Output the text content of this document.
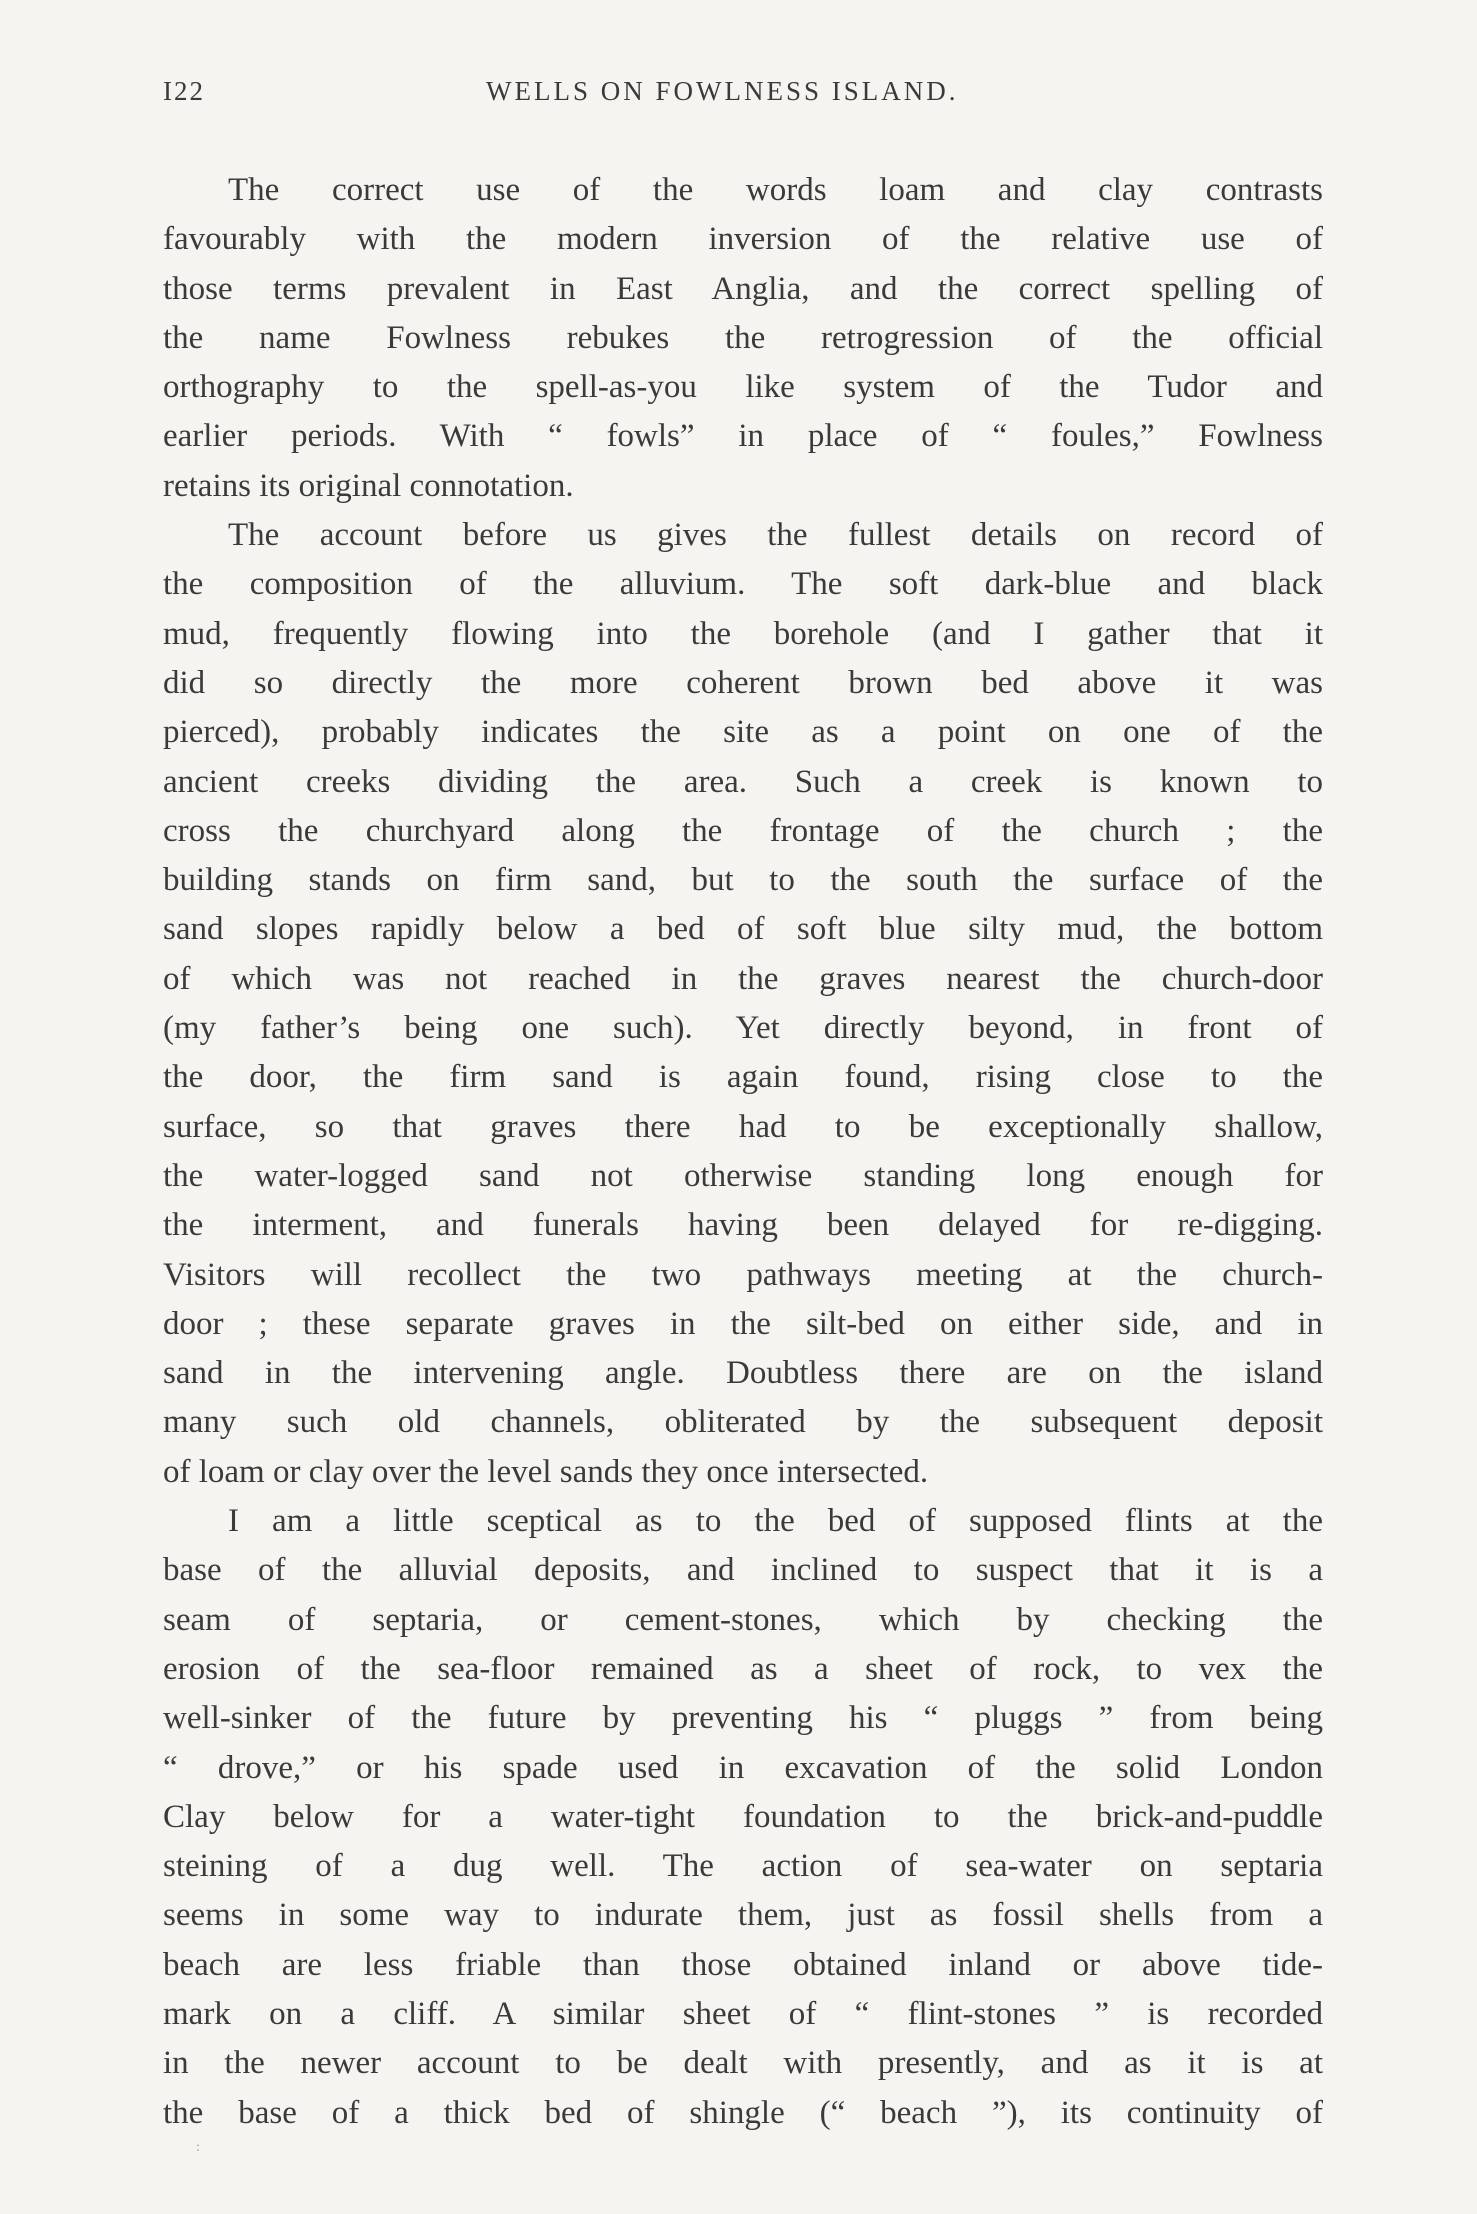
I22	WELLS ON FOWLNESS ISLAND.
The correct use of the words loam and clay contrasts
favourably with the modern inversion of the relative use of
those terms prevalent in East Anglia, and the correct spelling of
the name Fowlness rebukes the retrogression of the official
orthography to the spell-as-you like system of the Tudor and
earlier periods. With “ fowls” in place of “ foules,” Fowlness
retains its original connotation.
The account before us gives the fullest details on record of
the composition of the alluvium. The soft dark-blue and black
mud, frequently flowing into the borehole (and I gather that it
did so directly the more coherent brown bed above it was
pierced), probably indicates the site as a point on one of the
ancient creeks dividing the area. Such a creek is known to
cross the churchyard along the frontage of the church ; the
building stands on firm sand, but to the south the surface of the
sand slopes rapidly below a bed of soft blue silty mud, the bottom
of which was not reached in the graves nearest the church-door
(my father’s being one such). Yet directly beyond, in front of
the door, the firm sand is again found, rising close to the
surface, so that graves there had to be exceptionally shallow,
the water-logged sand not otherwise standing long enough for
the interment, and funerals having been delayed for re-digging.
Visitors will recollect the two pathways meeting at the church-
door ; these separate graves in the silt-bed on either side, and in
sand in the intervening angle. Doubtless there are on the island
many such old channels, obliterated by the subsequent deposit
of loam or clay over the level sands they once intersected.
I am a little sceptical as to the bed of supposed flints at the
base of the alluvial deposits, and inclined to suspect that it is a
seam of septaria, or cement-stones, which by checking the
erosion of the sea-floor remained as a sheet of rock, to vex the
well-sinker of the future by preventing his “ pluggs ” from being
“ drove,” or his spade used in excavation of the solid London
Clay below for a water-tight foundation to the brick-and-puddle
steining of a dug well. The action of sea-water on septaria
seems in some way to indurate them, just as fossil shells from a
beach are less friable than those obtained inland or above tide-
mark on a cliff. A similar sheet of “ flint-stones ” is recorded
in the newer account to be dealt with presently, and as it is at
the base of a thick bed of shingle (“ beach ”), its continuity of
:
